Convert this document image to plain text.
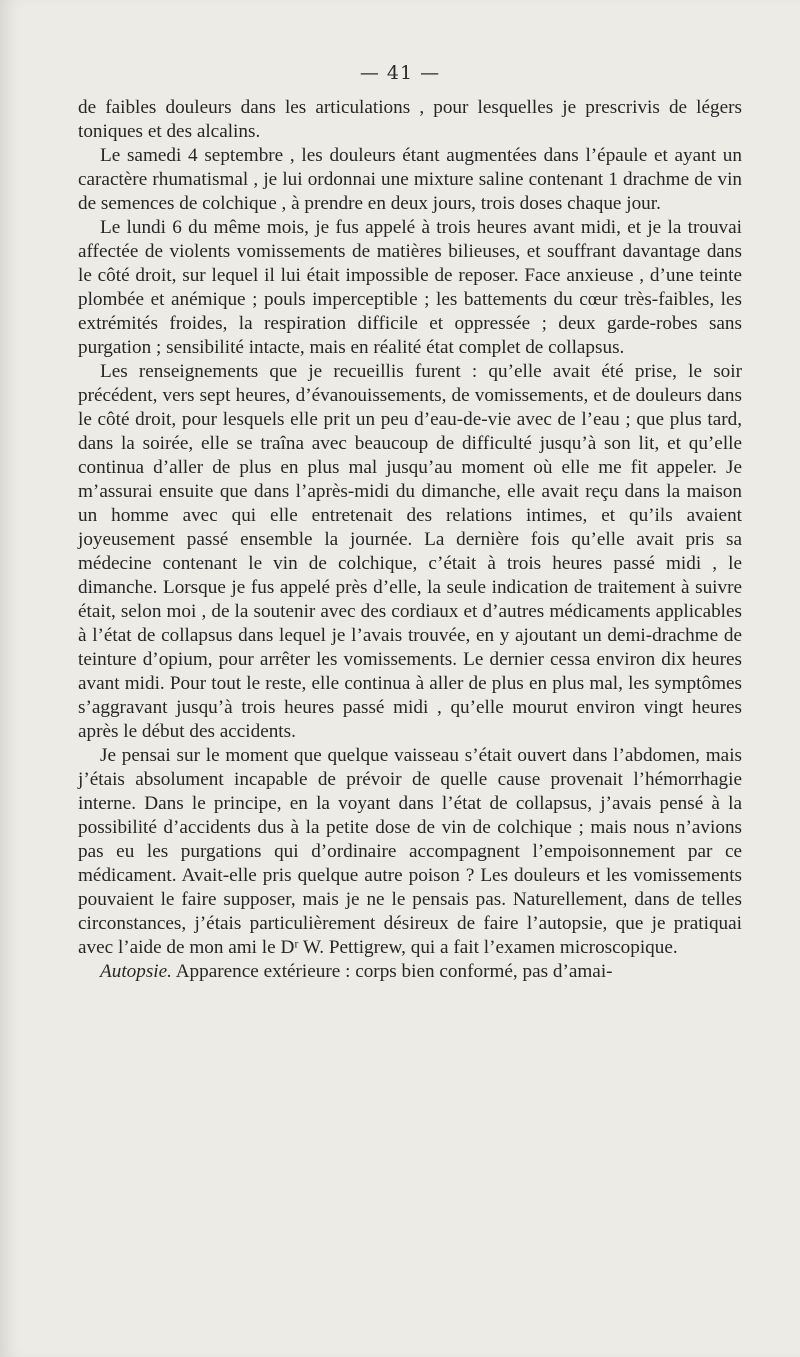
— 41 —

de faibles douleurs dans les articulations , pour lesquelles je prescrivis de légers toniques et des alcalins.

Le samedi 4 septembre , les douleurs étant augmentées dans l’épaule et ayant un caractère rhumatismal , je lui ordonnai une mixture saline contenant 1 drachme de vin de semences de colchique , à prendre en deux jours, trois doses chaque jour.

Le lundi 6 du même mois, je fus appelé à trois heures avant midi, et je la trouvai affectée de violents vomissements de matières bilieuses, et souffrant davantage dans le côté droit, sur lequel il lui était impossible de reposer. Face anxieuse , d’une teinte plombée et anémique ; pouls imperceptible ; les battements du cœur très-faibles, les extrémités froides, la respiration difficile et oppressée ; deux garde-robes sans purgation ; sensibilité intacte, mais en réalité état complet de collapsus.

Les renseignements que je recueillis furent : qu’elle avait été prise, le soir précédent, vers sept heures, d’évanouissements, de vomissements, et de douleurs dans le côté droit, pour lesquels elle prit un peu d’eau-de-vie avec de l’eau ; que plus tard, dans la soirée, elle se traîna avec beaucoup de difficulté jusqu’à son lit, et qu’elle continua d’aller de plus en plus mal jusqu’au moment où elle me fit appeler. Je m’assurai ensuite que dans l’après-midi du dimanche, elle avait reçu dans la maison un homme avec qui elle entretenait des relations intimes, et qu’ils avaient joyeusement passé ensemble la journée. La dernière fois qu’elle avait pris sa médecine contenant le vin de colchique, c’était à trois heures passé midi , le dimanche. Lorsque je fus appelé près d’elle, la seule indication de traitement à suivre était, selon moi , de la soutenir avec des cordiaux et d’autres médicaments applicables à l’état de collapsus dans lequel je l’avais trouvée, en y ajoutant un demi-drachme de teinture d’opium, pour arrêter les vomissements. Le dernier cessa environ dix heures avant midi. Pour tout le reste, elle continua à aller de plus en plus mal, les symptômes s’aggravant jusqu’à trois heures passé midi , qu’elle mourut environ vingt heures après le début des accidents.

Je pensai sur le moment que quelque vaisseau s’était ouvert dans l’abdomen, mais j’étais absolument incapable de prévoir de quelle cause provenait l’hémorrhagie interne. Dans le principe, en la voyant dans l’état de collapsus, j’avais pensé à la possibilité d’accidents dus à la petite dose de vin de colchique ; mais nous n’avions pas eu les purgations qui d’ordinaire accompagnent l’empoisonnement par ce médicament. Avait-elle pris quelque autre poison ? Les douleurs et les vomissements pouvaient le faire supposer, mais je ne le pensais pas. Naturellement, dans de telles circonstances, j’étais particulièrement désireux de faire l’autopsie, que je pratiquai avec l’aide de mon ami le Dʳ W. Pettigrew, qui a fait l’examen microscopique.

Autopsie. Apparence extérieure : corps bien conformé, pas d’amai-
